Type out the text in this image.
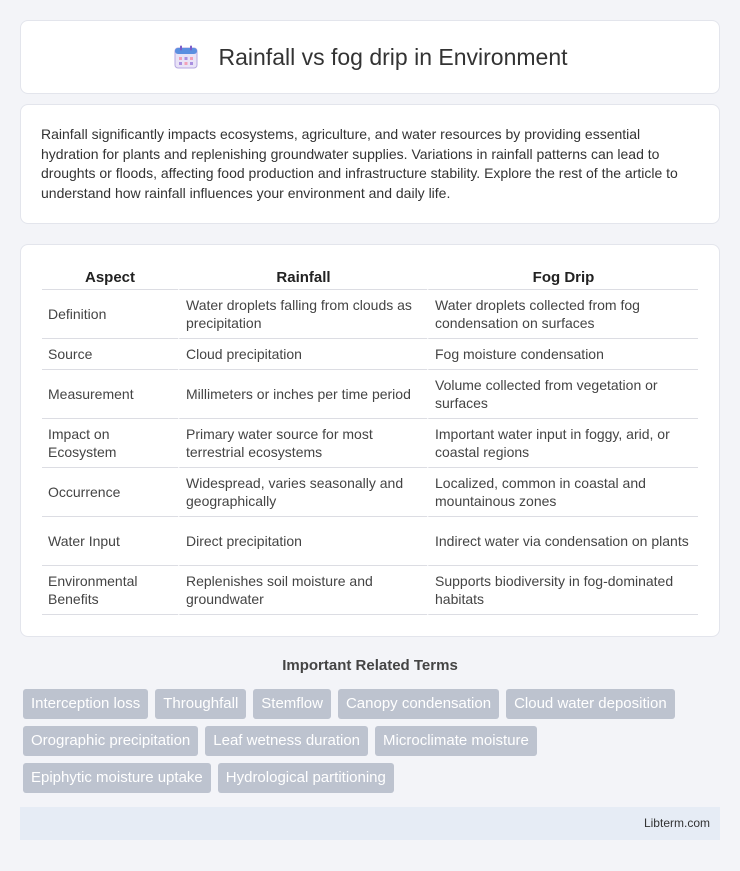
Rainfall vs fog drip in Environment

Rainfall significantly impacts ecosystems, agriculture, and water resources by providing essential hydration for plants and replenishing groundwater supplies. Variations in rainfall patterns can lead to droughts or floods, affecting food production and infrastructure stability. Explore the rest of the article to understand how rainfall influences your environment and daily life.

Aspect	Rainfall	Fog Drip
Definition	Water droplets falling from clouds as precipitation	Water droplets collected from fog condensation on surfaces
Source	Cloud precipitation	Fog moisture condensation
Measurement	Millimeters or inches per time period	Volume collected from vegetation or surfaces
Impact on Ecosystem	Primary water source for most terrestrial ecosystems	Important water input in foggy, arid, or coastal regions
Occurrence	Widespread, varies seasonally and geographically	Localized, common in coastal and mountainous zones
Water Input	Direct precipitation	Indirect water via condensation on plants
Environmental Benefits	Replenishes soil moisture and groundwater	Supports biodiversity in fog-dominated habitats
Important Related Terms
Interception loss	Throughfall	Stemflow	Canopy condensation	Cloud water deposition
Orographic precipitation	Leaf wetness duration	Microclimate moisture
Epiphytic moisture uptake	Hydrological partitioning
Libterm.com
